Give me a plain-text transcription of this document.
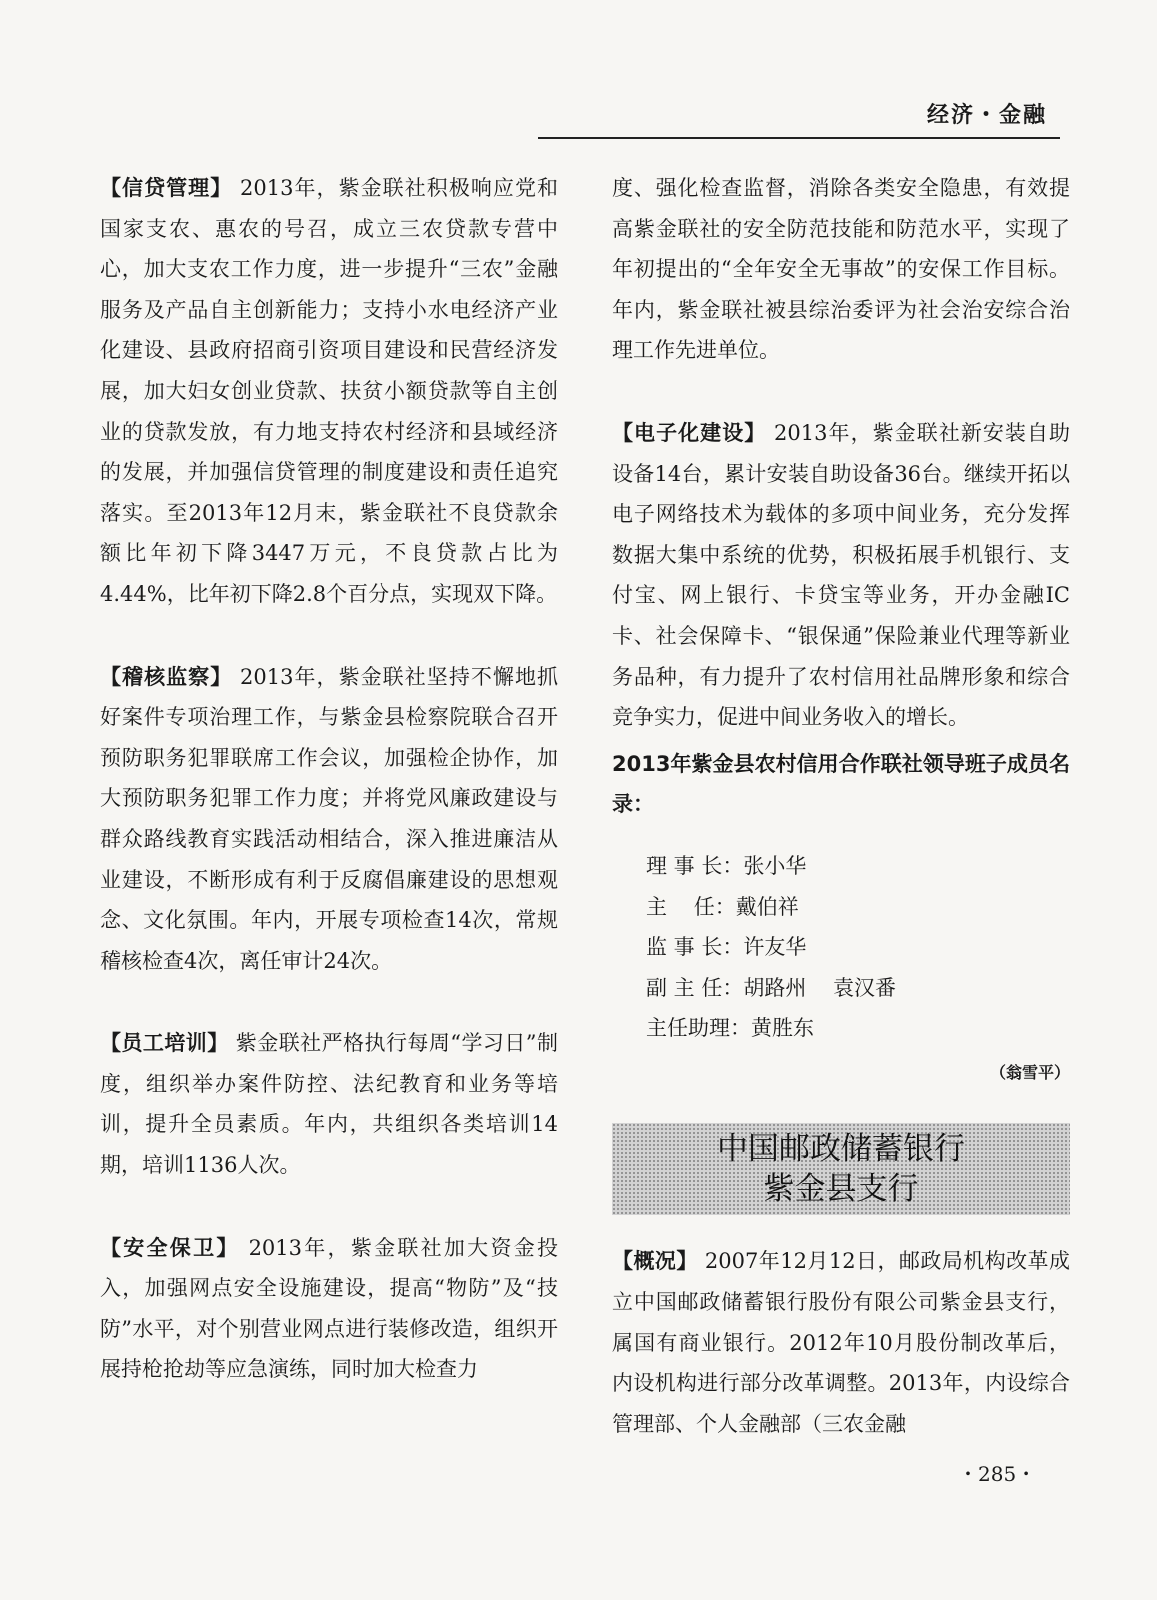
经济・金融

【信贷管理】 2013年，紫金联社积极响应党和国家支农、惠农的号召，成立三农贷款专营中心，加大支农工作力度，进一步提升“三农”金融服务及产品自主创新能力；支持小水电经济产业化建设、县政府招商引资项目建设和民营经济发展，加大妇女创业贷款、扶贫小额贷款等自主创业的贷款发放，有力地支持农村经济和县域经济的发展，并加强信贷管理的制度建设和责任追究落实。至2013年12月末，紫金联社不良贷款余额比年初下降3447万元，不良贷款占比为4.44%，比年初下降2.8个百分点，实现双下降。

【稽核监察】 2013年，紫金联社坚持不懈地抓好案件专项治理工作，与紫金县检察院联合召开预防职务犯罪联席工作会议，加强检企协作，加大预防职务犯罪工作力度；并将党风廉政建设与群众路线教育实践活动相结合，深入推进廉洁从业建设，不断形成有利于反腐倡廉建设的思想观念、文化氛围。年内，开展专项检查14次，常规稽核检查4次，离任审计24次。

【员工培训】 紫金联社严格执行每周“学习日”制度，组织举办案件防控、法纪教育和业务等培训，提升全员素质。年内，共组织各类培训14期，培训1136人次。

【安全保卫】 2013年，紫金联社加大资金投入，加强网点安全设施建设，提高“物防”及“技防”水平，对个别营业网点进行装修改造，组织开展持枪抢劫等应急演练，同时加大检查力

度、强化检查监督，消除各类安全隐患，有效提高紫金联社的安全防范技能和防范水平，实现了年初提出的“全年安全无事故”的安保工作目标。年内，紫金联社被县综治委评为社会治安综合治理工作先进单位。

【电子化建设】 2013年，紫金联社新安装自助设备14台，累计安装自助设备36台。继续开拓以电子网络技术为载体的多项中间业务，充分发挥数据大集中系统的优势，积极拓展手机银行、支付宝、网上银行、卡贷宝等业务，开办金融IC卡、社会保障卡、“银保通”保险兼业代理等新业务品种，有力提升了农村信用社品牌形象和综合竞争实力，促进中间业务收入的增长。

2013年紫金县农村信用合作联社领导班子成员名录：

理 事 长：张小华
主    任：戴伯祥
监 事 长：许友华
副 主 任：胡路州    袁汉番
主任助理：黄胜东
（翁雪平）
中国邮政储蓄银行
紫金县支行

【概况】 2007年12月12日，邮政局机构改革成立中国邮政储蓄银行股份有限公司紫金县支行，属国有商业银行。2012年10月股份制改革后，内设机构进行部分改革调整。2013年，内设综合管理部、个人金融部（三农金融

・285・
